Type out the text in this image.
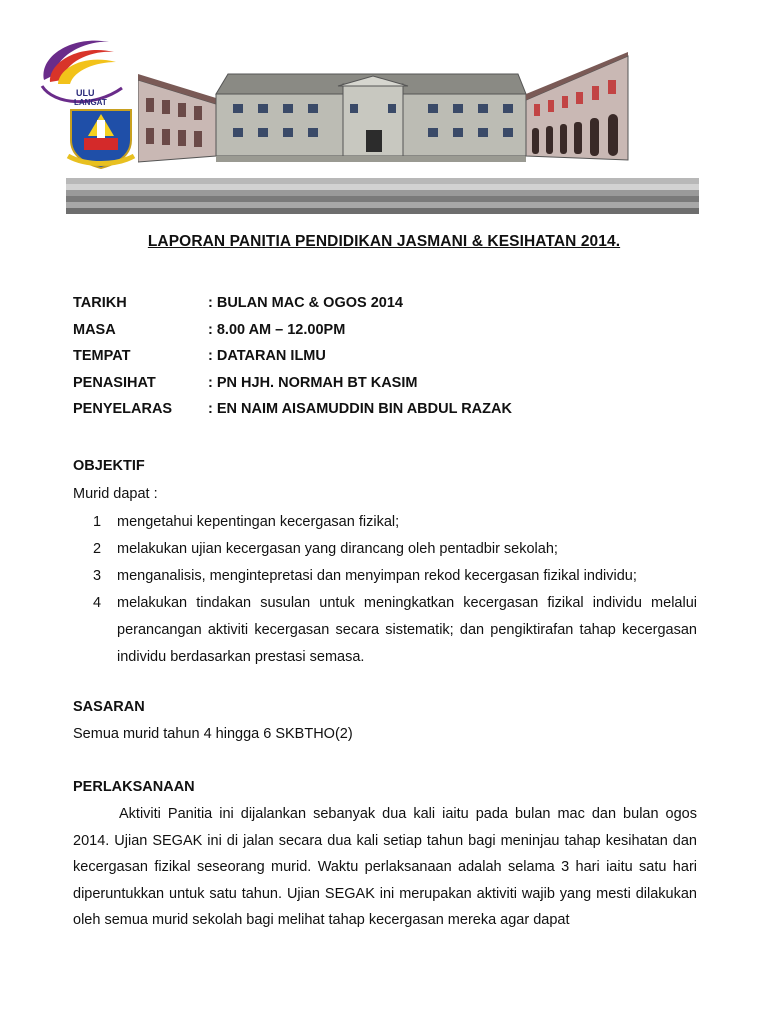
ULU
LANGAT
LAPORAN PANITIA PENDIDIKAN JASMANI & KESIHATAN 2014.
TARIKH	: BULAN MAC & OGOS 2014
MASA	: 8.00 AM – 12.00PM
TEMPAT	: DATARAN ILMU
PENASIHAT	: PN HJH. NORMAH BT KASIM
PENYELARAS	: EN NAIM AISAMUDDIN BIN ABDUL RAZAK
OBJEKTIF
Murid dapat :
1	mengetahui kepentingan kecergasan fizikal;
2	melakukan ujian kecergasan yang dirancang oleh pentadbir sekolah;
3	menganalisis, mengintepretasi dan menyimpan rekod kecergasan fizikal individu;
4	melakukan tindakan susulan untuk meningkatkan kecergasan fizikal individu melalui perancangan aktiviti kecergasan secara sistematik; dan pengiktirafan tahap kecergasan individu berdasarkan prestasi semasa.
SASARAN
Semua murid tahun 4 hingga 6 SKBTHO(2)
PERLAKSANAAN
Aktiviti Panitia ini dijalankan sebanyak dua kali iaitu pada bulan mac dan bulan ogos 2014. Ujian SEGAK ini di jalan secara dua kali setiap tahun bagi meninjau tahap kesihatan dan kecergasan fizikal seseorang murid. Waktu perlaksanaan adalah selama 3 hari iaitu satu hari diperuntukkan untuk satu tahun. Ujian SEGAK ini merupakan aktiviti wajib yang mesti dilakukan oleh semua murid sekolah bagi melihat tahap kecergasan mereka agar dapat
